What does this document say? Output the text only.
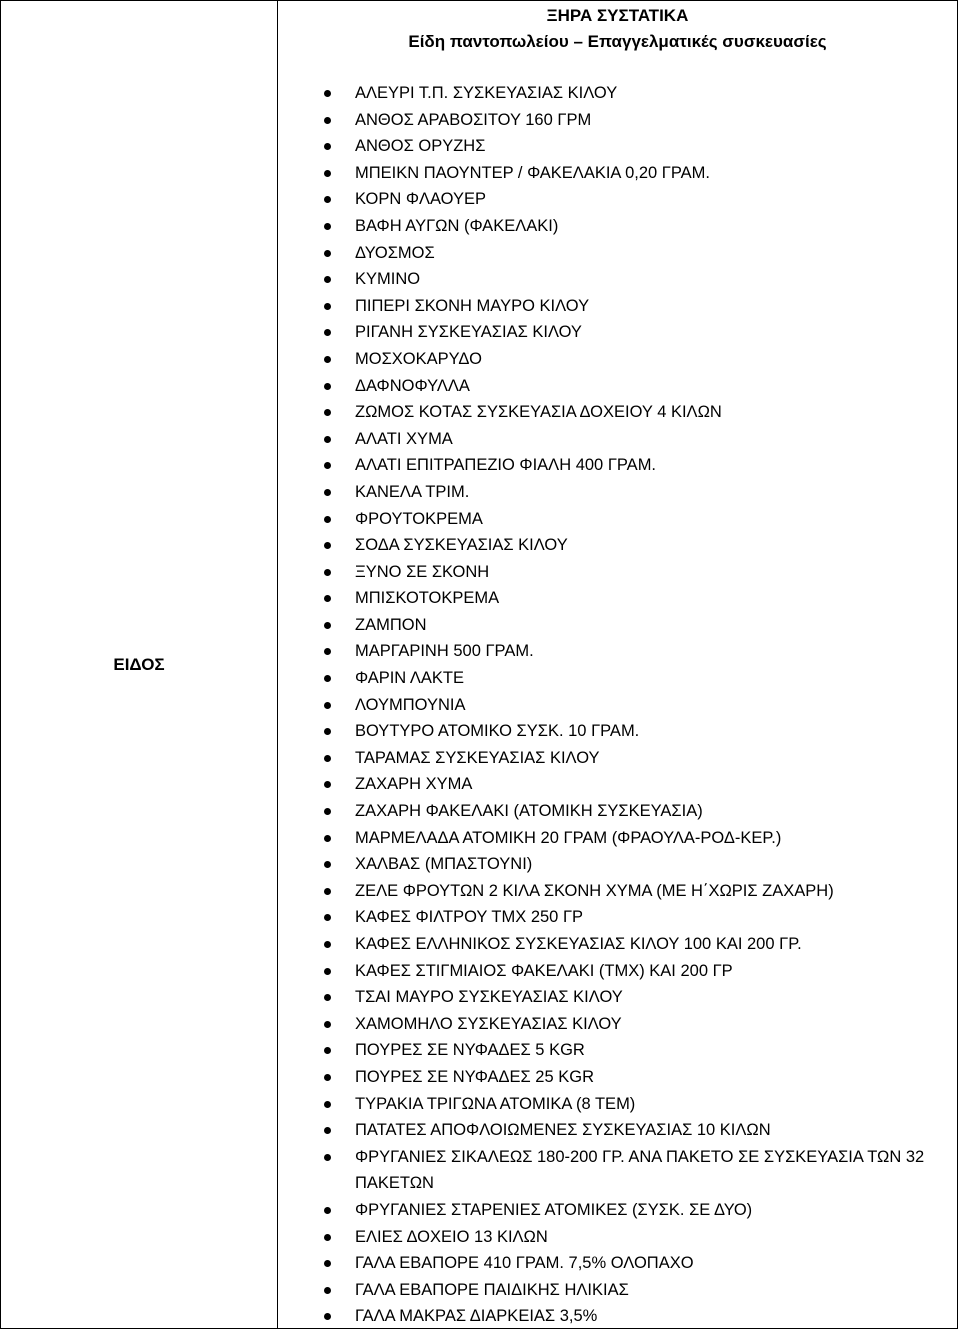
ΕΙΔΟΣ
ΞΗΡΑ ΣΥΣΤΑΤΙΚΑ
Είδη παντοπωλείου – Επαγγελματικές συσκευασίες
ΑΛΕΥΡΙ Τ.Π. ΣΥΣΚΕΥΑΣΙΑΣ ΚΙΛΟΥ
ΑΝΘΟΣ ΑΡΑΒΟΣΙΤΟΥ 160 ΓΡΜ
ΑΝΘΟΣ ΟΡΥΖΗΣ
ΜΠΕΙΚΝ ΠΑΟΥΝΤΕΡ / ΦΑΚΕΛΑΚΙΑ 0,20 ΓΡΑΜ.
ΚΟΡΝ ΦΛΑΟΥΕΡ
ΒΑΦΗ ΑΥΓΩΝ (ΦΑΚΕΛΑΚΙ)
ΔΥΟΣΜΟΣ
ΚΥΜΙΝΟ
ΠΙΠΕΡΙ ΣΚΟΝΗ ΜΑΥΡΟ ΚΙΛΟΥ
ΡΙΓΑΝΗ ΣΥΣΚΕΥΑΣΙΑΣ ΚΙΛΟΥ
ΜΟΣΧΟΚΑΡΥΔΟ
ΔΑΦΝΟΦΥΛΛΑ
ΖΩΜΟΣ ΚΟΤΑΣ ΣΥΣΚΕΥΑΣΙΑ ΔΟΧΕΙΟΥ 4 ΚΙΛΩΝ
ΑΛΑΤΙ ΧΥΜΑ
ΑΛΑΤΙ ΕΠΙΤΡΑΠΕΖΙΟ ΦΙΑΛΗ 400 ΓΡΑΜ.
ΚΑΝΕΛΑ ΤΡΙΜ.
ΦΡΟΥΤΟΚΡΕΜΑ
ΣΟΔΑ ΣΥΣΚΕΥΑΣΙΑΣ ΚΙΛΟΥ
ΞΥΝΟ ΣΕ ΣΚΟΝΗ
ΜΠΙΣΚΟΤΟΚΡΕΜΑ
ΖΑΜΠΟΝ
ΜΑΡΓΑΡΙΝΗ 500 ΓΡΑΜ.
ΦΑΡΙΝ ΛΑΚΤΕ
ΛΟΥΜΠΟΥΝΙΑ
ΒΟΥΤΥΡΟ ΑΤΟΜΙΚΟ ΣΥΣΚ. 10 ΓΡΑΜ.
ΤΑΡΑΜΑΣ ΣΥΣΚΕΥΑΣΙΑΣ ΚΙΛΟΥ
ΖΑΧΑΡΗ ΧΥΜΑ
ΖΑΧΑΡΗ ΦΑΚΕΛΑΚΙ (ΑΤΟΜΙΚΗ ΣΥΣΚΕΥΑΣΙΑ)
ΜΑΡΜΕΛΑΔΑ ΑΤΟΜΙΚΗ 20 ΓΡΑΜ (ΦΡΑΟΥΛΑ-ΡΟΔ-ΚΕΡ.)
ΧΑΛΒΑΣ (ΜΠΑΣΤΟΥΝΙ)
ΖΕΛΕ ΦΡΟΥΤΩΝ 2 ΚΙΛΑ ΣΚΟΝΗ ΧΥΜΑ (ΜΕ Η΄ΧΩΡΙΣ ΖΑΧΑΡΗ)
ΚΑΦΕΣ ΦΙΛΤΡΟΥ ΤΜΧ 250 ΓΡ
ΚΑΦΕΣ ΕΛΛΗΝΙΚΟΣ ΣΥΣΚΕΥΑΣΙΑΣ ΚΙΛΟΥ 100 ΚΑΙ 200 ΓΡ.
ΚΑΦΕΣ ΣΤΙΓΜΙΑΙΟΣ ΦΑΚΕΛΑΚΙ (ΤΜΧ) ΚΑΙ 200 ΓΡ
ΤΣΑΙ ΜΑΥΡΟ ΣΥΣΚΕΥΑΣΙΑΣ ΚΙΛΟΥ
ΧΑΜΟΜΗΛΟ ΣΥΣΚΕΥΑΣΙΑΣ ΚΙΛΟΥ
ΠΟΥΡΕΣ ΣΕ ΝΥΦΑΔΕΣ 5 KGR
ΠΟΥΡΕΣ ΣΕ ΝΥΦΑΔΕΣ 25 KGR
ΤΥΡΑΚΙΑ ΤΡΙΓΩΝΑ ΑΤΟΜΙΚΑ (8 ΤΕΜ)
ΠΑΤΑΤΕΣ ΑΠΟΦΛΟΙΩΜΕΝΕΣ ΣΥΣΚΕΥΑΣΙΑΣ 10 ΚΙΛΩΝ
ΦΡΥΓΑΝΙΕΣ ΣΙΚΑΛΕΩΣ 180-200 ΓΡ. ΑΝΑ ΠΑΚΕΤΟ ΣΕ ΣΥΣΚΕΥΑΣΙΑ ΤΩΝ 32 ΠΑΚΕΤΩΝ
ΦΡΥΓΑΝΙΕΣ ΣΤΑΡΕΝΙΕΣ ΑΤΟΜΙΚΕΣ (ΣΥΣΚ. ΣΕ ΔΥΟ)
ΕΛΙΕΣ ΔΟΧΕΙΟ 13 ΚΙΛΩΝ
ΓΑΛΑ ΕΒΑΠΟΡΕ 410 ΓΡΑΜ. 7,5% ΟΛΟΠΑΧΟ
ΓΑΛΑ ΕΒΑΠΟΡΕ ΠΑΙΔΙΚΗΣ ΗΛΙΚΙΑΣ
ΓΑΛΑ ΜΑΚΡΑΣ ΔΙΑΡΚΕΙΑΣ 3,5%
